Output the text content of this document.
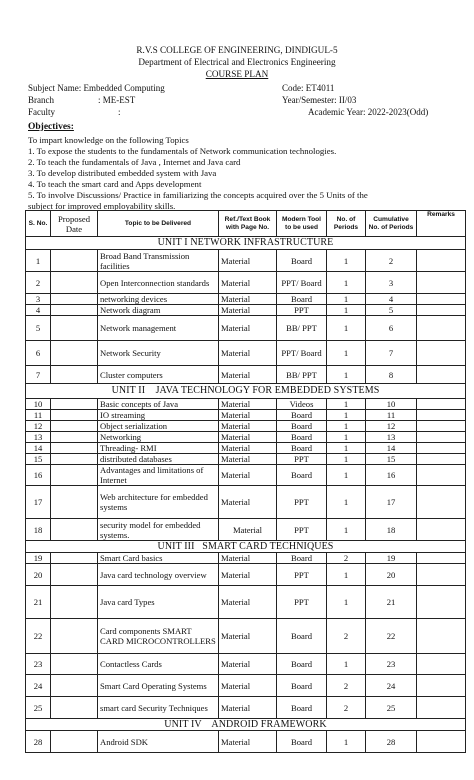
R.V.S COLLEGE OF ENGINEERING, DINDIGUL-5
Department of Electrical and Electronics Engineering
COURSE PLAN
Subject Name: Embedded Computing	Code: ET4011
Branch	: ME-EST	Year/Semester: II/03
Faculty	:	Academic Year: 2022-2023(Odd)
Objectives:
To impart knowledge on the following Topics
1. To expose the students to the fundamentals of Network communication technologies.
2. To teach the fundamentals of Java , Internet and Java card
3. To develop distributed embedded system with Java
4. To teach the smart card and Apps development
5. To involve Discussions/ Practice in familiarizing the concepts acquired over the 5 Units of the
subject for improved employability skills.
S. No.	Proposed Date	Topic to be Delivered	Ref./Text Book with Page No.	Modern Tool to be used	No. of Periods	Cumulative No. of Periods	Remarks
UNIT I NETWORK INFRASTRUCTURE							
1		Broad Band Transmission facilities	Material	Board	1	2	
2		Open Interconnection standards	Material	PPT/ Board	1	3	
3		networking devices	Material	Board	1	4	
4		Network diagram	Material	PPT	1	5	
5		Network management	Material	BB/ PPT	1	6	
6		Network Security	Material	PPT/ Board	1	7	
7		Cluster computers	Material	BB/ PPT	1	8	
UNIT II    JAVA TECHNOLOGY FOR EMBEDDED SYSTEMS							
10		Basic concepts of Java	Material	Videos	1	10	
11		IO streaming	Material	Board	1	11	
12		Object serialization	Material	Board	1	12	
13		Networking	Material	Board	1	13	
14		Threading- RMI	Material	Board	1	14	
15		distributed databases	Material	PPT	1	15	
16		Advantages and limitations of Internet	Material	Board	1	16	
17		Web architecture for embedded systems	Material	PPT	1	17	
18		security model for embedded systems.	Material	PPT	1	18	
UNIT III   SMART CARD TECHNIQUES							
19		Smart Card basics	Material	Board	2	19	
20		Java card technology overview	Material	PPT	1	20	
21		Java card Types	Material	PPT	1	21	
22		Card components SMART CARD MICROCONTROLLERS	Material	Board	2	22	
23		Contactless Cards	Material	Board	1	23	
24		Smart Card Operating Systems	Material	Board	2	24	
25		smart card Security Techniques	Material	Board	2	25	
UNIT IV    ANDROID FRAMEWORK							
28		Android SDK	Material	Board	1	28	
